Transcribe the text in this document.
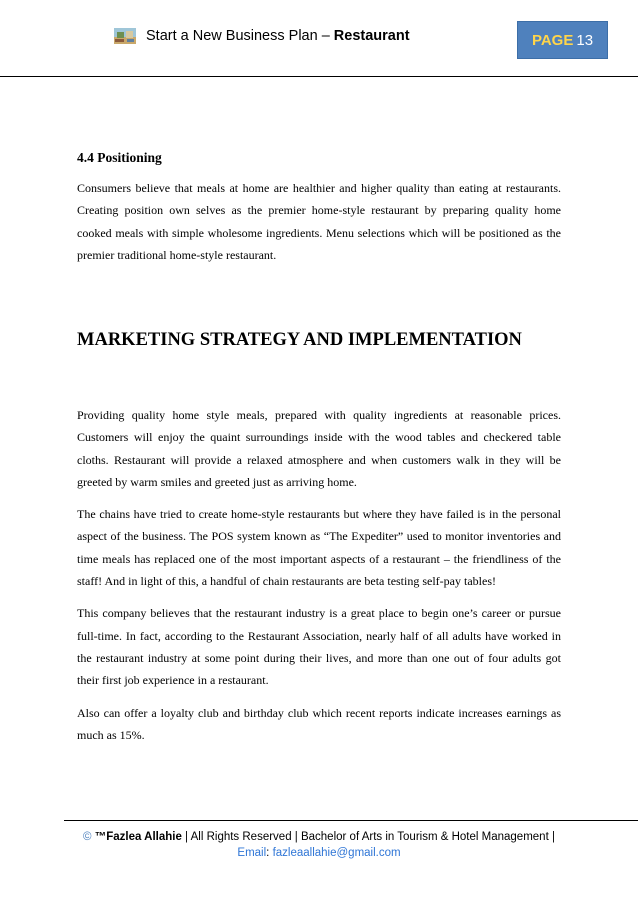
Start a New Business Plan – Restaurant	PAGE 13

4.4 Positioning

Consumers believe that meals at home are healthier and higher quality than eating at restaurants. Creating position own selves as the premier home-style restaurant by preparing quality home cooked meals with simple wholesome ingredients. Menu selections which will be positioned as the premier traditional home-style restaurant.

MARKETING STRATEGY AND IMPLEMENTATION

Providing quality home style meals, prepared with quality ingredients at reasonable prices. Customers will enjoy the quaint surroundings inside with the wood tables and checkered table cloths. Restaurant will provide a relaxed atmosphere and when customers walk in they will be greeted by warm smiles and greeted just as arriving home.

The chains have tried to create home-style restaurants but where they have failed is in the personal aspect of the business. The POS system known as “The Expediter” used to monitor inventories and time meals has replaced one of the most important aspects of a restaurant – the friendliness of the staff! And in light of this, a handful of chain restaurants are beta testing self-pay tables!

This company believes that the restaurant industry is a great place to begin one’s career or pursue full-time. In fact, according to the Restaurant Association, nearly half of all adults have worked in the restaurant industry at some point during their lives, and more than one out of four adults got their first job experience in a restaurant.

Also can offer a loyalty club and birthday club which recent reports indicate increases earnings as much as 15%.

© ™Fazlea Allahie | All Rights Reserved | Bachelor of Arts in Tourism & Hotel Management |
Email: fazleaallahie@gmail.com
